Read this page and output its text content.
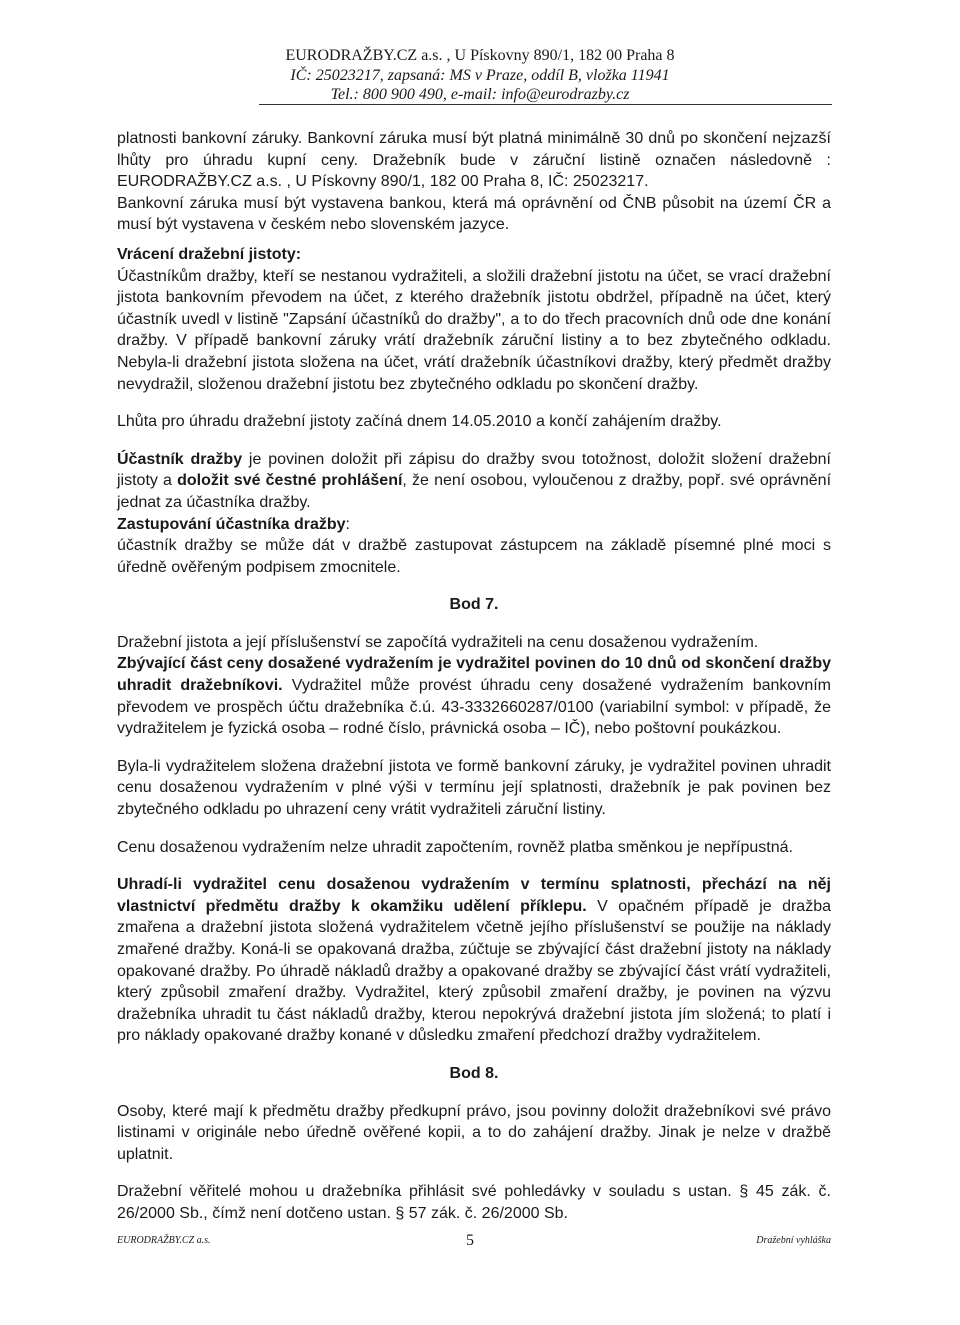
EURODRAŽBY.CZ a.s. , U Pískovny 890/1, 182 00 Praha 8
IČ: 25023217, zapsaná: MS v Praze, oddíl B, vložka 11941
Tel.: 800 900 490, e-mail: info@eurodrazby.cz

platnosti bankovní záruky. Bankovní záruka musí být platná minimálně 30 dnů po skončení nejzazší lhůty pro úhradu kupní ceny. Dražebník bude v záruční listině označen následovně : EURODRAŽBY.CZ a.s. , U Pískovny 890/1, 182 00 Praha 8, IČ: 25023217.

Bankovní záruka musí být vystavena bankou, která má oprávnění od ČNB působit na území ČR a musí být vystavena v českém nebo slovenském jazyce.

Vrácení dražební jistoty:

Účastníkům dražby, kteří se nestanou vydražiteli, a složili dražební jistotu na účet, se vrací dražební jistota bankovním převodem na účet, z kterého dražebník jistotu obdržel, případně na účet, který účastník uvedl v listině "Zapsání účastníků do dražby", a to do třech pracovních dnů ode dne konání dražby. V případě bankovní záruky vrátí dražebník záruční listiny a to bez zbytečného odkladu. Nebyla-li dražební jistota složena na účet, vrátí dražebník účastníkovi dražby, který předmět dražby nevydražil, složenou dražební jistotu bez zbytečného odkladu po skončení dražby.

Lhůta pro úhradu dražební jistoty začíná dnem 14.05.2010 a končí zahájením dražby.

Účastník dražby je povinen doložit při zápisu do dražby svou totožnost, doložit složení dražební jistoty a doložit své čestné prohlášení, že není osobou, vyloučenou z dražby, popř. své oprávnění jednat za účastníka dražby.

Zastupování účastníka dražby:

účastník dražby se může dát v dražbě zastupovat zástupcem na základě písemné plné moci s úředně ověřeným podpisem zmocnitele.

Bod 7.

Dražební jistota a její příslušenství se započítá vydražiteli na cenu dosaženou vydražením.

Zbývající část ceny dosažené vydražením je vydražitel povinen do 10 dnů od skončení dražby uhradit dražebníkovi. Vydražitel může provést úhradu ceny dosažené vydražením bankovním převodem ve prospěch účtu dražebníka č.ú. 43-3332660287/0100 (variabilní symbol: v případě, že vydražitelem je fyzická osoba – rodné číslo, právnická osoba – IČ), nebo poštovní poukázkou.

Byla-li vydražitelem složena dražební jistota ve formě bankovní záruky, je vydražitel povinen uhradit cenu dosaženou vydražením v plné výši v termínu její splatnosti, dražebník je pak povinen bez zbytečného odkladu po uhrazení ceny vrátit vydražiteli záruční listiny.

Cenu dosaženou vydražením nelze uhradit započtením, rovněž platba směnkou je nepřípustná.

Uhradí-li vydražitel cenu dosaženou vydražením v termínu splatnosti, přechází na něj vlastnictví předmětu dražby k okamžiku udělení příklepu. V opačném případě je dražba zmařena a dražební jistota složená vydražitelem včetně jejího příslušenství se použije na náklady zmařené dražby. Koná-li se opakovaná dražba, zúčtuje se zbývající část dražební jistoty na náklady opakované dražby. Po úhradě nákladů dražby a opakované dražby se zbývající část vrátí vydražiteli, který způsobil zmaření dražby. Vydražitel, který způsobil zmaření dražby, je povinen na výzvu dražebníka uhradit tu část nákladů dražby, kterou nepokrývá dražební jistota jím složená; to platí i pro náklady opakované dražby konané v důsledku zmaření předchozí dražby vydražitelem.

Bod 8.

Osoby, které mají k předmětu dražby předkupní právo, jsou povinny doložit dražebníkovi své právo listinami v originále nebo úředně ověřené kopii, a to do zahájení dražby. Jinak je nelze v dražbě uplatnit.

Dražební věřitelé mohou u dražebníka přihlásit své pohledávky v souladu s ustan. § 45 zák. č. 26/2000 Sb., čímž není dotčeno ustan. § 57 zák. č. 26/2000 Sb.

EURODRAŽBY.CZ a.s.	5	Dražební vyhláška
